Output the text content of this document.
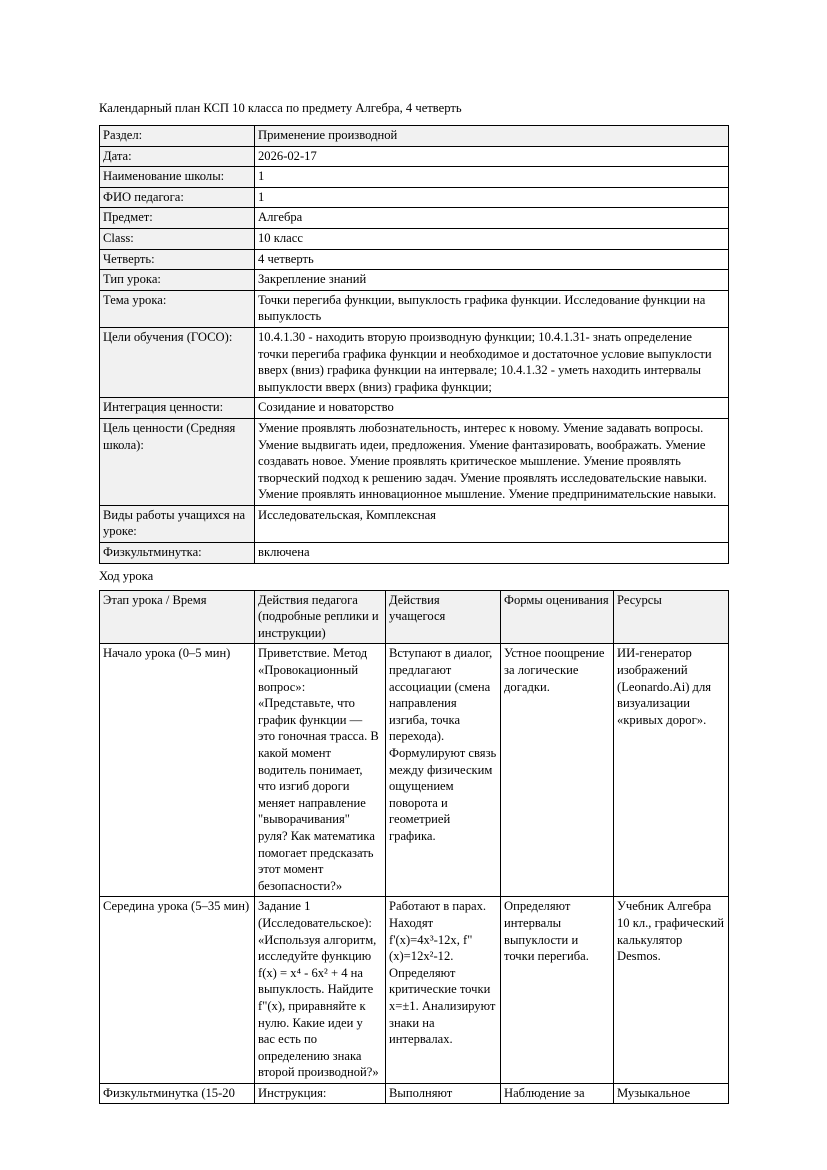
Календарный план КСП 10 класса по предмету Алгебра, 4 четверть

Раздел:	Применение производной
Дата:	2026-02-17
Наименование школы:	1
ФИО педагога:	1
Предмет:	Алгебра
Class:	10 класс
Четверть:	4 четверть
Тип урока:	Закрепление знаний
Тема урока:	Точки перегиба функции, выпуклость графика функции. Исследование функции на выпуклость
Цели обучения (ГОСО):	10.4.1.30 - находить вторую производную функции; 10.4.1.31- знать определение точки перегиба графика функции и необходимое и достаточное условие выпуклости вверх (вниз) графика функции на интервале; 10.4.1.32 - уметь находить интервалы выпуклости вверх (вниз) графика функции;
Интеграция ценности:	Созидание и новаторство
Цель ценности (Средняя школа):	Умение проявлять любознательность, интерес к новому. Умение задавать вопросы. Умение выдвигать идеи, предложения. Умение фантазировать, воображать. Умение создавать новое. Умение проявлять критическое мышление. Умение проявлять творческий подход к решению задач. Умение проявлять исследовательские навыки. Умение проявлять инновационное мышление. Умение предпринимательские навыки.
Виды работы учащихся на уроке:	Исследовательская, Комплексная
Физкультминутка:	включена

Ход урока

Этап урока / Время	Действия педагога (подробные реплики и инструкции)	Действия учащегося	Формы оценивания	Ресурсы
Начало урока (0–5 мин)	Приветствие. Метод «Провокационный вопрос»: «Представьте, что график функции — это гоночная трасса. В какой момент водитель понимает, что изгиб дороги меняет направление "выворачивания" руля? Как математика помогает предсказать этот момент безопасности?»	Вступают в диалог, предлагают ассоциации (смена направления изгиба, точка перехода). Формулируют связь между физическим ощущением поворота и геометрией графика.	Устное поощрение за логические догадки.	ИИ-генератор изображений (Leonardo.Ai) для визуализации «кривых дорог».
Середина урока (5–35 мин)	Задание 1 (Исследовательское): «Используя алгоритм, исследуйте функцию f(x) = x⁴ - 6x² + 4 на выпуклость. Найдите f"(x), приравняйте к нулю. Какие идеи у вас есть по определению знака второй производной?»	Работают в парах. Находят f'(x)=4x³-12x, f"(x)=12x²-12. Определяют критические точки x=±1. Анализируют знаки на интервалах.	Определяют интервалы выпуклости и точки перегиба.	Учебник Алгебра 10 кл., графический калькулятор Desmos.
Физкультминутка (15-20	Инструкция:	Выполняют	Наблюдение за	Музыкальное
